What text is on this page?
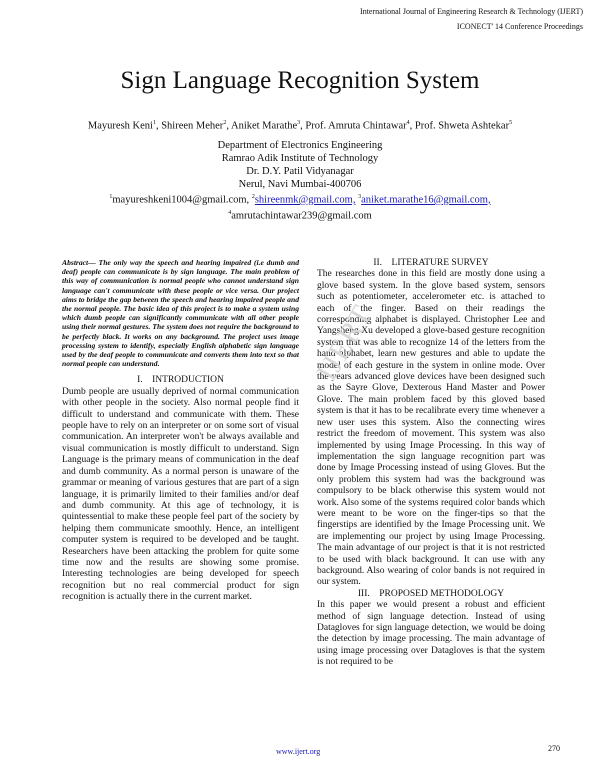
International Journal of Engineering Research & Technology (IJERT)
ICONECT' 14 Conference Proceedings
Sign Language Recognition System
Mayuresh Keni$^1$, Shireen Meher$^2$, Aniket Marathe$^3$, Prof. Amruta Chintawar$^4$, Prof. Shweta Ashtekar$^5$
Department of Electronics Engineering
Ramrao Adik Institute of Technology
Dr. D.Y. Patil Vidyanagar
Nerul, Navi Mumbai-400706
$^1$mayureshkeni1004@gmail.com, $^2$shireenmk@gmail.com, $^3$aniket.marathe16@gmail.com,
$^4$amrutachintawar239@gmail.com

Abstract— The only way the speech and hearing impaired (i.e dumb and deaf) people can communicate is by sign language. The main problem of this way of communication is normal people who cannot understand sign language can't communicate with these people or vice versa. Our project aims to bridge the gap between the speech and hearing impaired people and the normal people. The basic idea of this project is to make a system using which dumb people can significantly communicate with all other people using their normal gestures. The system does not require the background to be perfectly black. It works on any background. The project uses image processing system to identify, especially English alphabetic sign language used by the deaf people to communicate and converts them into text so that normal people can understand.

I.    INTRODUCTION

Dumb people are usually deprived of normal communication with other people in the society. Also normal people find it difficult to understand and communicate with them. These people have to rely on an interpreter or on some sort of visual communication. An interpreter won't be always available and visual communication is mostly difficult to understand. Sign Language is the primary means of communication in the deaf and dumb community. As a normal person is unaware of the grammar or meaning of various gestures that are part of a sign language, it is primarily limited to their families and/or deaf and dumb community. At this age of technology, it is quintessential to make these people feel part of the society by helping them communicate smoothly. Hence, an intelligent computer system is required to be developed and be taught. Researchers have been attacking the problem for quite some time now and the results are showing some promise. Interesting technologies are being developed for speech recognition but no real commercial product for sign recognition is actually there in the current market.

II.    LITERATURE SURVEY

The researches done in this field are mostly done using a glove based system. In the glove based system, sensors such as potentiometer, accelerometer etc. is attached to each of the finger. Based on their readings the corresponding alphabet is displayed. Christopher Lee and Yangsheng Xu developed a glove-based gesture recognition system that was able to recognize 14 of the letters from the hand alphabet, learn new gestures and able to update the model of each gesture in the system in online mode. Over the years advanced glove devices have been designed such as the Sayre Glove, Dexterous Hand Master and Power Glove. The main problem faced by this gloved based system is that it has to be recalibrate every time whenever a new user uses this system. Also the connecting wires restrict the freedom of movement. This system was also implemented by using Image Processing. In this way of implementation the sign language recognition part was done by Image Processing instead of using Gloves. But the only problem this system had was the background was compulsory to be black otherwise this system would not work. Also some of the systems required color bands which were meant to be wore on the finger-tips so that the fingerstips are identified by the Image Processing unit. We are implementing our project by using Image Processing. The main advantage of our project is that it is not restricted to be used with black background. It can use with any background. Also wearing of color bands is not required in our system.

III.    PROPOSED METHODOLOGY

In this paper we would present a robust and efficient method of sign language detection. Instead of using Datagloves for sign language detection, we would be doing the detection by image processing. The main advantage of using image processing over Datagloves is that the system is not required to be

IJERT
www.ijert.org	270
